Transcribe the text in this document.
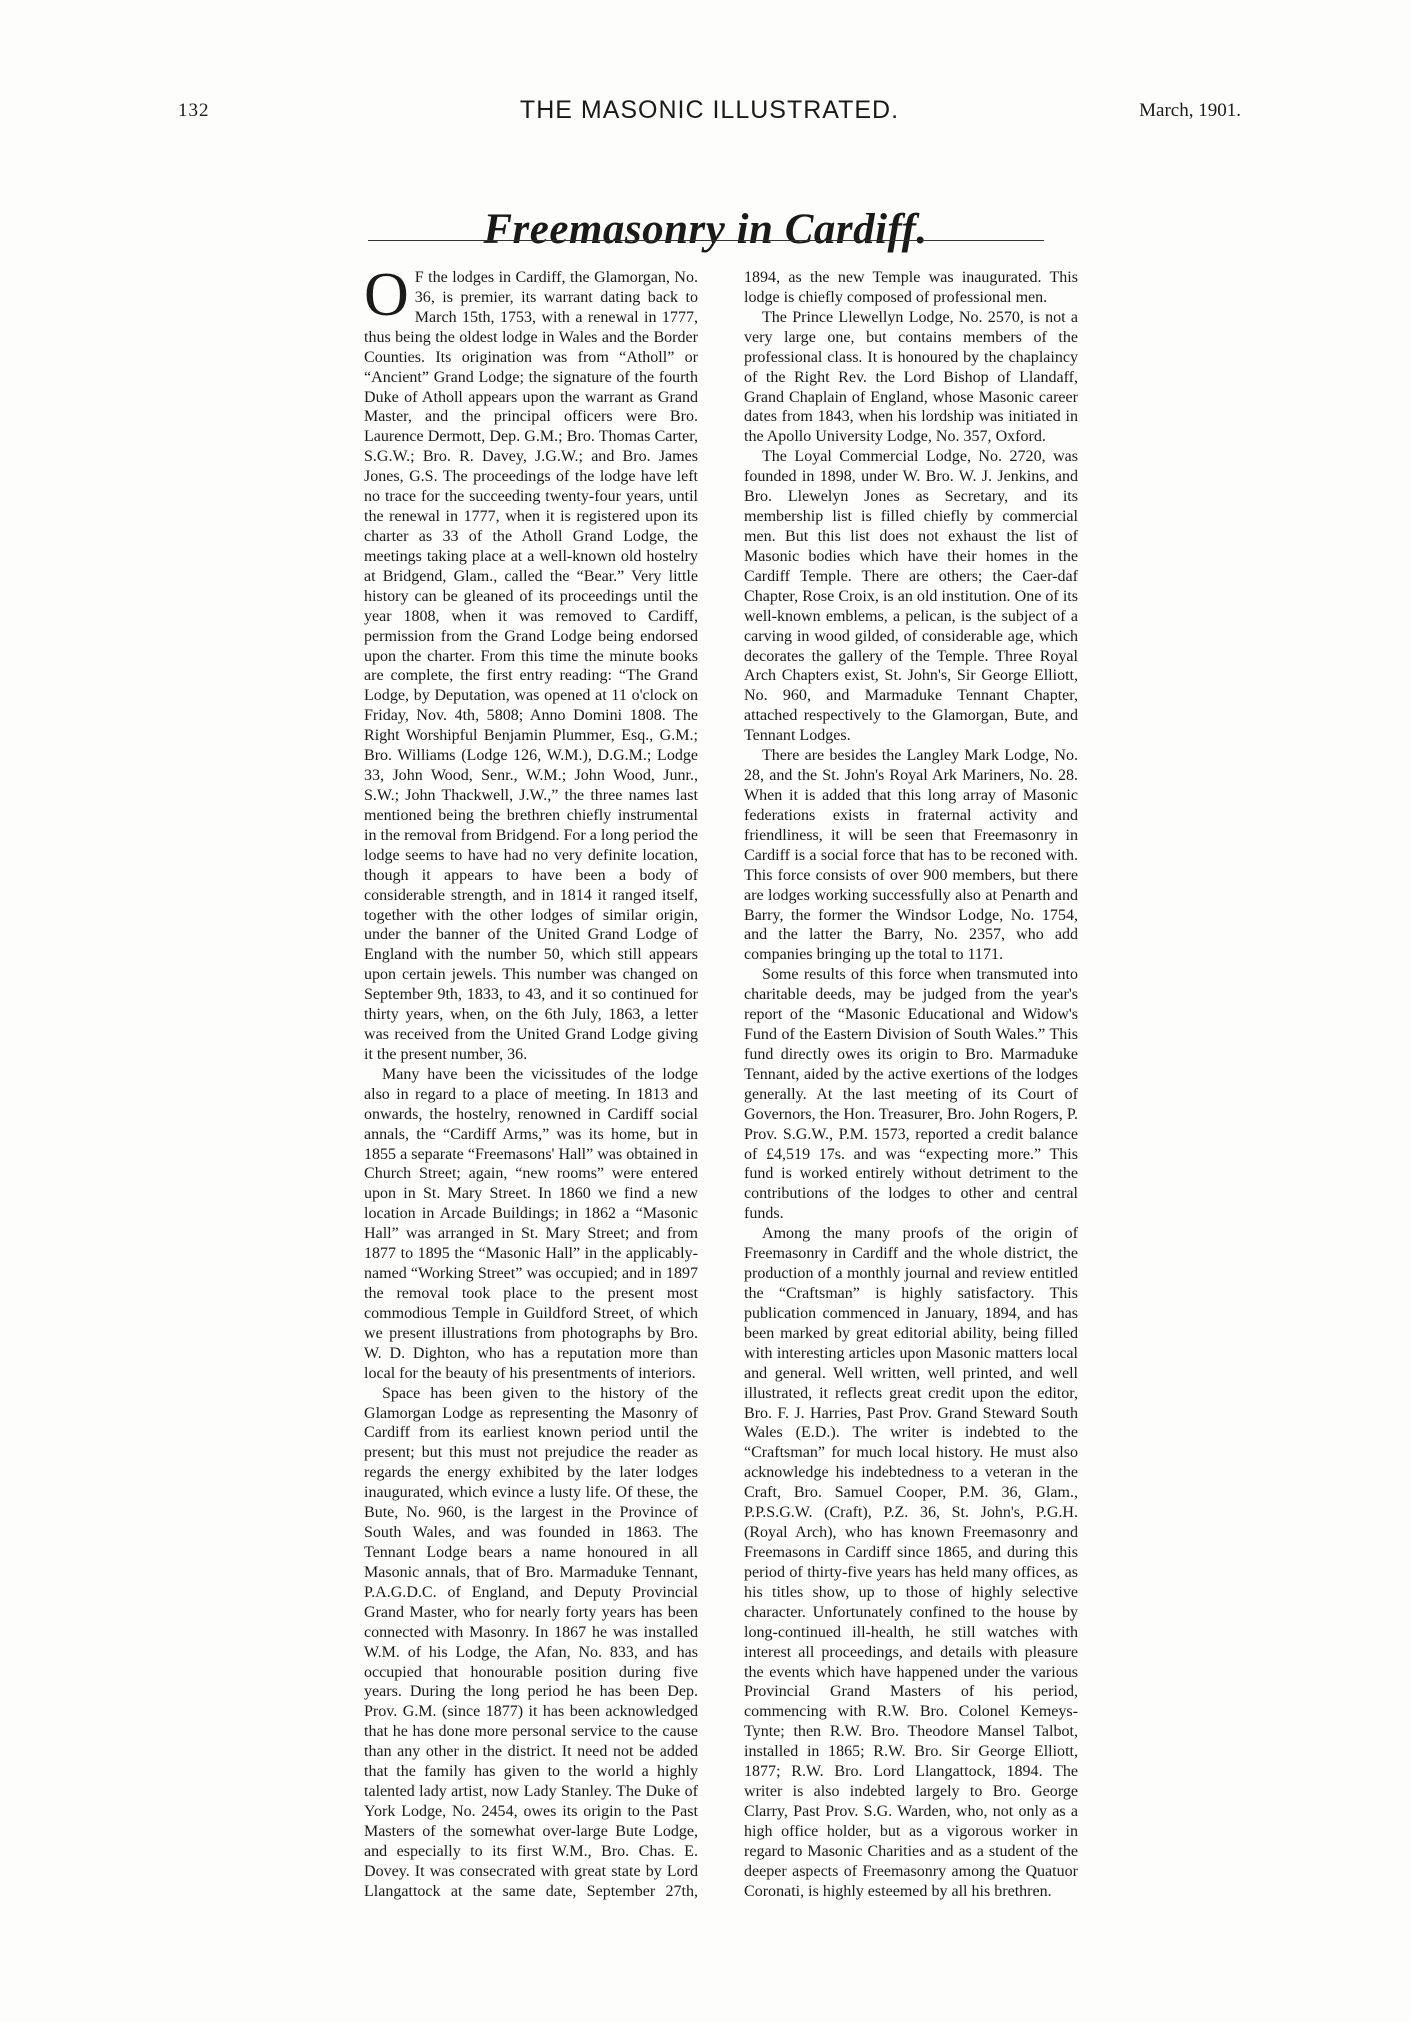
132	THE MASONIC ILLUSTRATED.	March, 1901.
Freemasonry in Cardiff.

O F the lodges in Cardiff, the Glamorgan, No. 36, is premier, its warrant dating back to March 15th, 1753, with a renewal in 1777, thus being the oldest lodge in Wales and the Border Counties. Its origination was from “Atholl” or “Ancient” Grand Lodge; the signature of the fourth Duke of Atholl appears upon the warrant as Grand Master, and the principal officers were Bro. Laurence Dermott, Dep. G.M.; Bro. Thomas Carter, S.G.W.; Bro. R. Davey, J.G.W.; and Bro. James Jones, G.S. The proceedings of the lodge have left no trace for the succeeding twenty-four years, until the renewal in 1777, when it is registered upon its charter as 33 of the Atholl Grand Lodge, the meetings taking place at a well-known old hostelry at Bridgend, Glam., called the “Bear.” Very little history can be gleaned of its proceedings until the year 1808, when it was removed to Cardiff, permission from the Grand Lodge being endorsed upon the charter. From this time the minute books are complete, the first entry reading: “The Grand Lodge, by Deputation, was opened at 11 o'clock on Friday, Nov. 4th, 5808; Anno Domini 1808. The Right Worshipful Benjamin Plummer, Esq., G.M.; Bro. Williams (Lodge 126, W.M.), D.G.M.; Lodge 33, John Wood, Senr., W.M.; John Wood, Junr., S.W.; John Thackwell, J.W.,” the three names last mentioned being the brethren chiefly instrumental in the removal from Bridgend. For a long period the lodge seems to have had no very definite location, though it appears to have been a body of considerable strength, and in 1814 it ranged itself, together with the other lodges of similar origin, under the banner of the United Grand Lodge of England with the number 50, which still appears upon certain jewels. This number was changed on September 9th, 1833, to 43, and it so continued for thirty years, when, on the 6th July, 1863, a letter was received from the United Grand Lodge giving it the present number, 36.

Many have been the vicissitudes of the lodge also in regard to a place of meeting. In 1813 and onwards, the hostelry, renowned in Cardiff social annals, the “Cardiff Arms,” was its home, but in 1855 a separate “Freemasons' Hall” was obtained in Church Street; again, “new rooms” were entered upon in St. Mary Street. In 1860 we find a new location in Arcade Buildings; in 1862 a “Masonic Hall” was arranged in St. Mary Street; and from 1877 to 1895 the “Masonic Hall” in the applicably-named “Working Street” was occupied; and in 1897 the removal took place to the present most commodious Temple in Guildford Street, of which we present illustrations from photographs by Bro. W. D. Dighton, who has a reputation more than local for the beauty of his presentments of interiors.

Space has been given to the history of the Glamorgan Lodge as representing the Masonry of Cardiff from its earliest known period until the present; but this must not prejudice the reader as regards the energy exhibited by the later lodges inaugurated, which evince a lusty life. Of these, the Bute, No. 960, is the largest in the Province of South Wales, and was founded in 1863. The Tennant Lodge bears a name honoured in all Masonic annals, that of Bro. Marmaduke Tennant, P.A.G.D.C. of England, and Deputy Provincial Grand Master, who for nearly forty years has been connected with Masonry. In 1867 he was installed W.M. of his Lodge, the Afan, No. 833, and has occupied that honourable position during five years. During the long period he has been Dep. Prov. G.M. (since 1877) it has been acknowledged that he has done more personal service to the cause than any other in the district. It need not be added that the family has given to the world a highly talented lady artist, now Lady Stanley. The Duke of York Lodge, No. 2454, owes its origin to the Past Masters of the somewhat over-large Bute Lodge, and especially to its first W.M., Bro. Chas. E. Dovey. It was consecrated with great state by Lord Llangattock at the same date, September 27th, 1894, as the new Temple was inaugurated. This lodge is chiefly composed of professional men.

The Prince Llewellyn Lodge, No. 2570, is not a very large one, but contains members of the professional class. It is honoured by the chaplaincy of the Right Rev. the Lord Bishop of Llandaff, Grand Chaplain of England, whose Masonic career dates from 1843, when his lordship was initiated in the Apollo University Lodge, No. 357, Oxford.

The Loyal Commercial Lodge, No. 2720, was founded in 1898, under W. Bro. W. J. Jenkins, and Bro. Llewelyn Jones as Secretary, and its membership list is filled chiefly by commercial men. But this list does not exhaust the list of Masonic bodies which have their homes in the Cardiff Temple. There are others; the Caer-daf Chapter, Rose Croix, is an old institution. One of its well-known emblems, a pelican, is the subject of a carving in wood gilded, of considerable age, which decorates the gallery of the Temple. Three Royal Arch Chapters exist, St. John's, Sir George Elliott, No. 960, and Marmaduke Tennant Chapter, attached respectively to the Glamorgan, Bute, and Tennant Lodges.

There are besides the Langley Mark Lodge, No. 28, and the St. John's Royal Ark Mariners, No. 28. When it is added that this long array of Masonic federations exists in fraternal activity and friendliness, it will be seen that Freemasonry in Cardiff is a social force that has to be reconed with. This force consists of over 900 members, but there are lodges working successfully also at Penarth and Barry, the former the Windsor Lodge, No. 1754, and the latter the Barry, No. 2357, who add companies bringing up the total to 1171.

Some results of this force when transmuted into charitable deeds, may be judged from the year's report of the “Masonic Educational and Widow's Fund of the Eastern Division of South Wales.” This fund directly owes its origin to Bro. Marmaduke Tennant, aided by the active exertions of the lodges generally. At the last meeting of its Court of Governors, the Hon. Treasurer, Bro. John Rogers, P. Prov. S.G.W., P.M. 1573, reported a credit balance of £4,519 17s. and was “expecting more.” This fund is worked entirely without detriment to the contributions of the lodges to other and central funds.

Among the many proofs of the origin of Freemasonry in Cardiff and the whole district, the production of a monthly journal and review entitled the “Craftsman” is highly satisfactory. This publication commenced in January, 1894, and has been marked by great editorial ability, being filled with interesting articles upon Masonic matters local and general. Well written, well printed, and well illustrated, it reflects great credit upon the editor, Bro. F. J. Harries, Past Prov. Grand Steward South Wales (E.D.). The writer is indebted to the “Craftsman” for much local history. He must also acknowledge his indebtedness to a veteran in the Craft, Bro. Samuel Cooper, P.M. 36, Glam., P.P.S.G.W. (Craft), P.Z. 36, St. John's, P.G.H. (Royal Arch), who has known Freemasonry and Freemasons in Cardiff since 1865, and during this period of thirty-five years has held many offices, as his titles show, up to those of highly selective character. Unfortunately confined to the house by long-continued ill-health, he still watches with interest all proceedings, and details with pleasure the events which have happened under the various Provincial Grand Masters of his period, commencing with R.W. Bro. Colonel Kemeys-Tynte; then R.W. Bro. Theodore Mansel Talbot, installed in 1865; R.W. Bro. Sir George Elliott, 1877; R.W. Bro. Lord Llangattock, 1894. The writer is also indebted largely to Bro. George Clarry, Past Prov. S.G. Warden, who, not only as a high office holder, but as a vigorous worker in regard to Masonic Charities and as a student of the deeper aspects of Freemasonry among the Quatuor Coronati, is highly esteemed by all his brethren.
